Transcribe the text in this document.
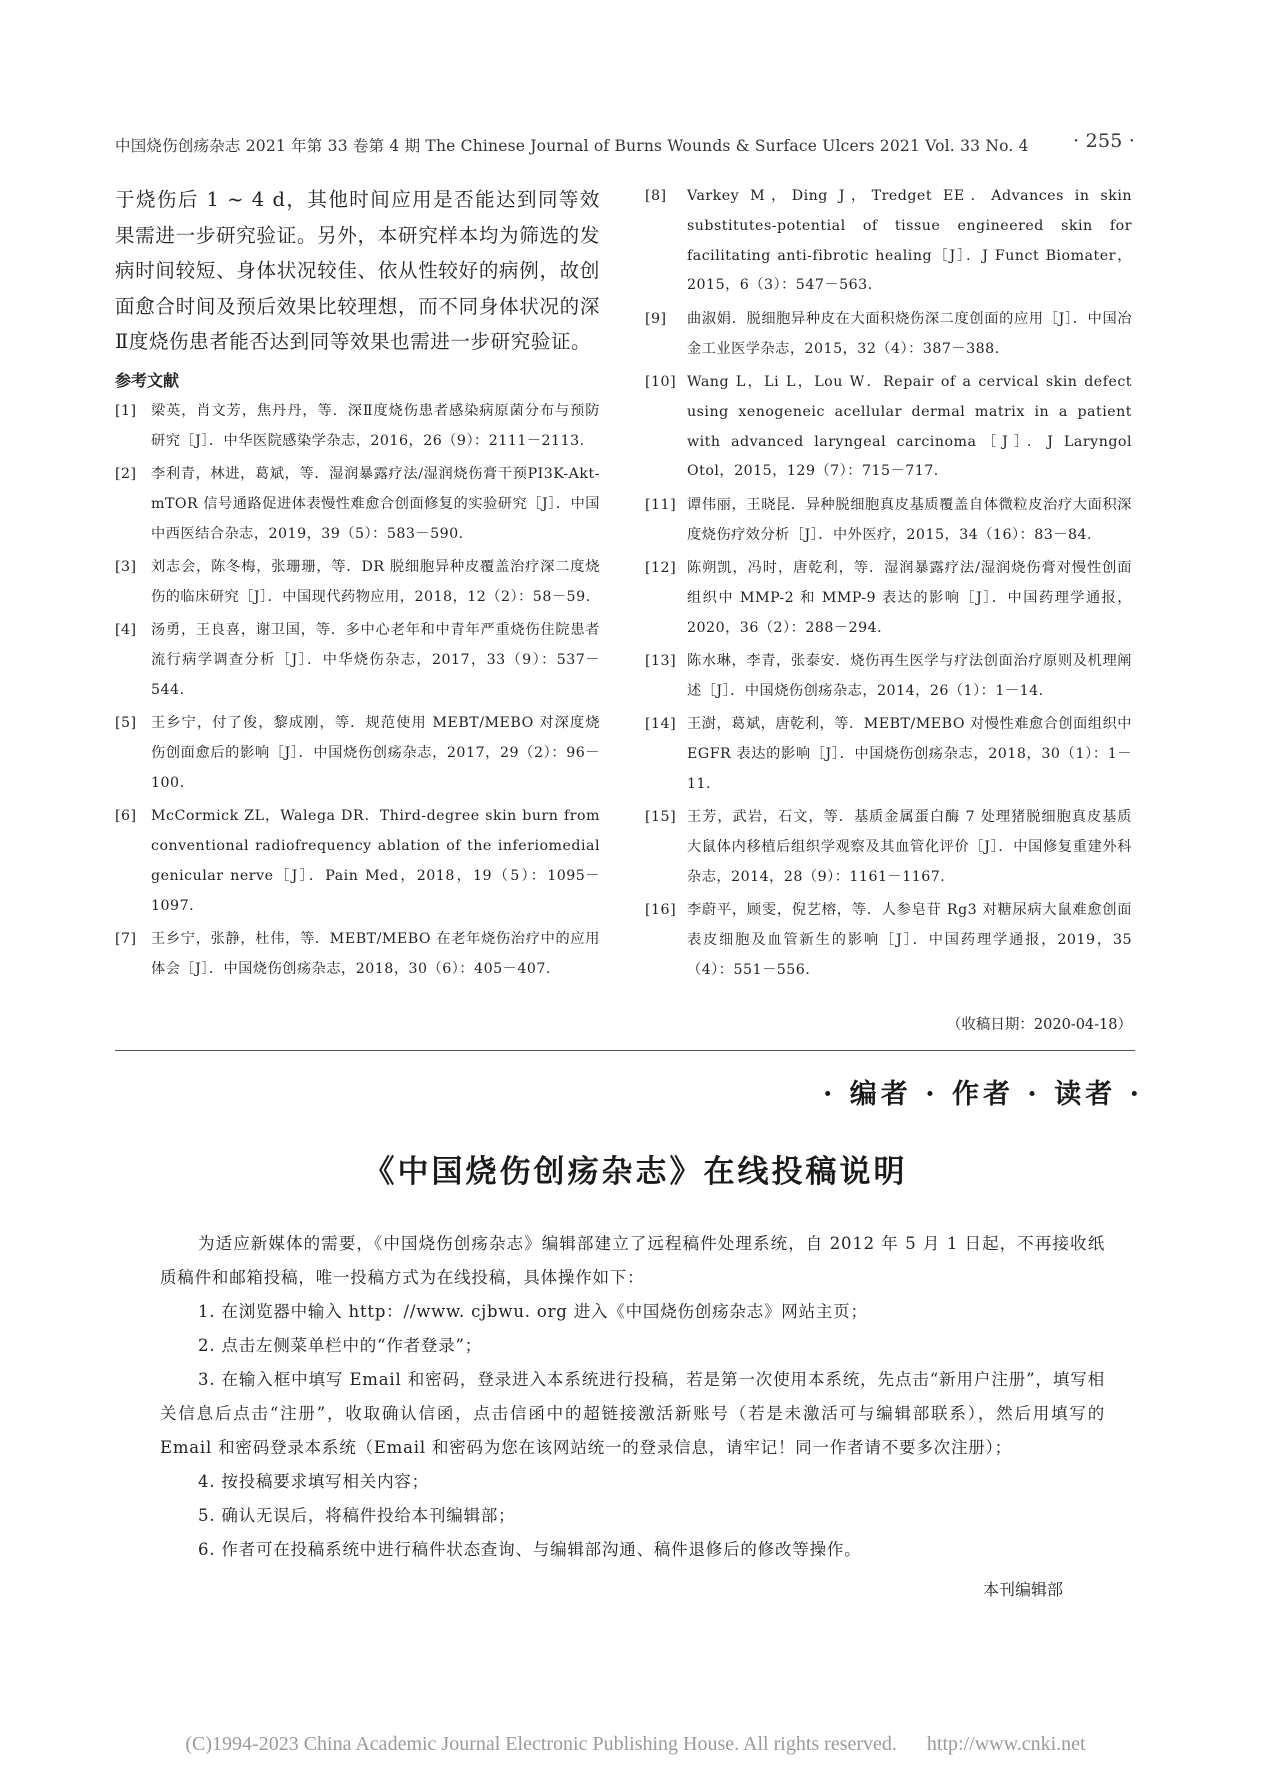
中国烧伤创疡杂志 2021 年第 33 卷第 4 期 The Chinese Journal of Burns Wounds & Surface Ulcers 2021 Vol. 33 No. 4 · 255 ·

于烧伤后 1 ~ 4 d，其他时间应用是否能达到同等效果需进一步研究验证。另外，本研究样本均为筛选的发病时间较短、身体状况较佳、依从性较好的病例，故创面愈合时间及预后效果比较理想，而不同身体状况的深Ⅱ度烧伤患者能否达到同等效果也需进一步研究验证。

参考文献
[1] 梁英，肖文芳，焦丹丹，等．深Ⅱ度烧伤患者感染病原菌分布与预防研究［J］．中华医院感染学杂志，2016，26（9）：2111－2113.
[2] 李利青，林进，葛斌，等．湿润暴露疗法/湿润烧伤膏干预PI3K-Akt-mTOR 信号通路促进体表慢性难愈合创面修复的实验研究［J］．中国中西医结合杂志，2019，39（5）：583－590.
[3] 刘志会，陈冬梅，张珊珊，等．DR 脱细胞异种皮覆盖治疗深二度烧伤的临床研究［J］．中国现代药物应用，2018，12（2）：58－59.
[4] 汤勇，王良喜，谢卫国，等．多中心老年和中青年严重烧伤住院患者流行病学调查分析［J］．中华烧伤杂志，2017，33（9）：537－544.
[5] 王乡宁，付了俊，黎成刚，等．规范使用 MEBT/MEBO 对深度烧伤创面愈后的影响［J］．中国烧伤创疡杂志，2017，29（2）：96－100.
[6] McCormick ZL，Walega DR．Third-degree skin burn from conventional radiofrequency ablation of the inferiomedial genicular nerve［J］．Pain Med，2018，19（5）：1095－1097.
[7] 王乡宁，张静，杜伟，等．MEBT/MEBO 在老年烧伤治疗中的应用体会［J］．中国烧伤创疡杂志，2018，30（6）：405－407.
[8] Varkey M，Ding J，Tredget EE．Advances in skin substitutes-potential of tissue engineered skin for facilitating anti-fibrotic healing［J］．J Funct Biomater，2015，6（3）：547－563.
[9] 曲淑娟．脱细胞异种皮在大面积烧伤深二度创面的应用［J］．中国冶金工业医学杂志，2015，32（4）：387－388.
[10] Wang L，Li L，Lou W．Repair of a cervical skin defect using xenogeneic acellular dermal matrix in a patient with advanced laryngeal carcinoma［J］．J Laryngol Otol，2015，129（7）：715－717.
[11] 谭伟丽，王晓昆．异种脱细胞真皮基质覆盖自体微粒皮治疗大面积深度烧伤疗效分析［J］．中外医疗，2015，34（16）：83－84.
[12] 陈朔凯，冯时，唐乾利，等．湿润暴露疗法/湿润烧伤膏对慢性创面组织中 MMP-2 和 MMP-9 表达的影响［J］．中国药理学通报，2020，36（2）：288－294.
[13] 陈水琳，李青，张泰安．烧伤再生医学与疗法创面治疗原则及机理阐述［J］．中国烧伤创疡杂志，2014，26（1）：1－14.
[14] 王澍，葛斌，唐乾利，等．MEBT/MEBO 对慢性难愈合创面组织中 EGFR 表达的影响［J］．中国烧伤创疡杂志，2018，30（1）：1－11.
[15] 王芳，武岩，石文，等．基质金属蛋白酶 7 处理猪脱细胞真皮基质大鼠体内移植后组织学观察及其血管化评价［J］．中国修复重建外科杂志，2014，28（9）：1161－1167.
[16] 李蔚平，顾雯，倪艺榕，等．人参皂苷 Rg3 对糖尿病大鼠难愈创面表皮细胞及血管新生的影响［J］．中国药理学通报，2019，35（4）：551－556.
（收稿日期：2020-04-18）
· 编者 · 作者 · 读者 ·
《中国烧伤创疡杂志》在线投稿说明

为适应新媒体的需要，《中国烧伤创疡杂志》编辑部建立了远程稿件处理系统，自 2012 年 5 月 1 日起，不再接收纸质稿件和邮箱投稿，唯一投稿方式为在线投稿，具体操作如下：

1. 在浏览器中输入 http：//www. cjbwu. org 进入《中国烧伤创疡杂志》网站主页；

2. 点击左侧菜单栏中的“作者登录”；

3. 在输入框中填写 Email 和密码，登录进入本系统进行投稿，若是第一次使用本系统，先点击“新用户注册”，填写相关信息后点击“注册”，收取确认信函，点击信函中的超链接激活新账号（若是未激活可与编辑部联系），然后用填写的 Email 和密码登录本系统（Email 和密码为您在该网站统一的登录信息，请牢记！同一作者请不要多次注册）；

4. 按投稿要求填写相关内容；

5. 确认无误后，将稿件投给本刊编辑部；

6. 作者可在投稿系统中进行稿件状态查询、与编辑部沟通、稿件退修后的修改等操作。

本刊编辑部
(C)1994-2023 China Academic Journal Electronic Publishing House. All rights reserved. http://www.cnki.net
